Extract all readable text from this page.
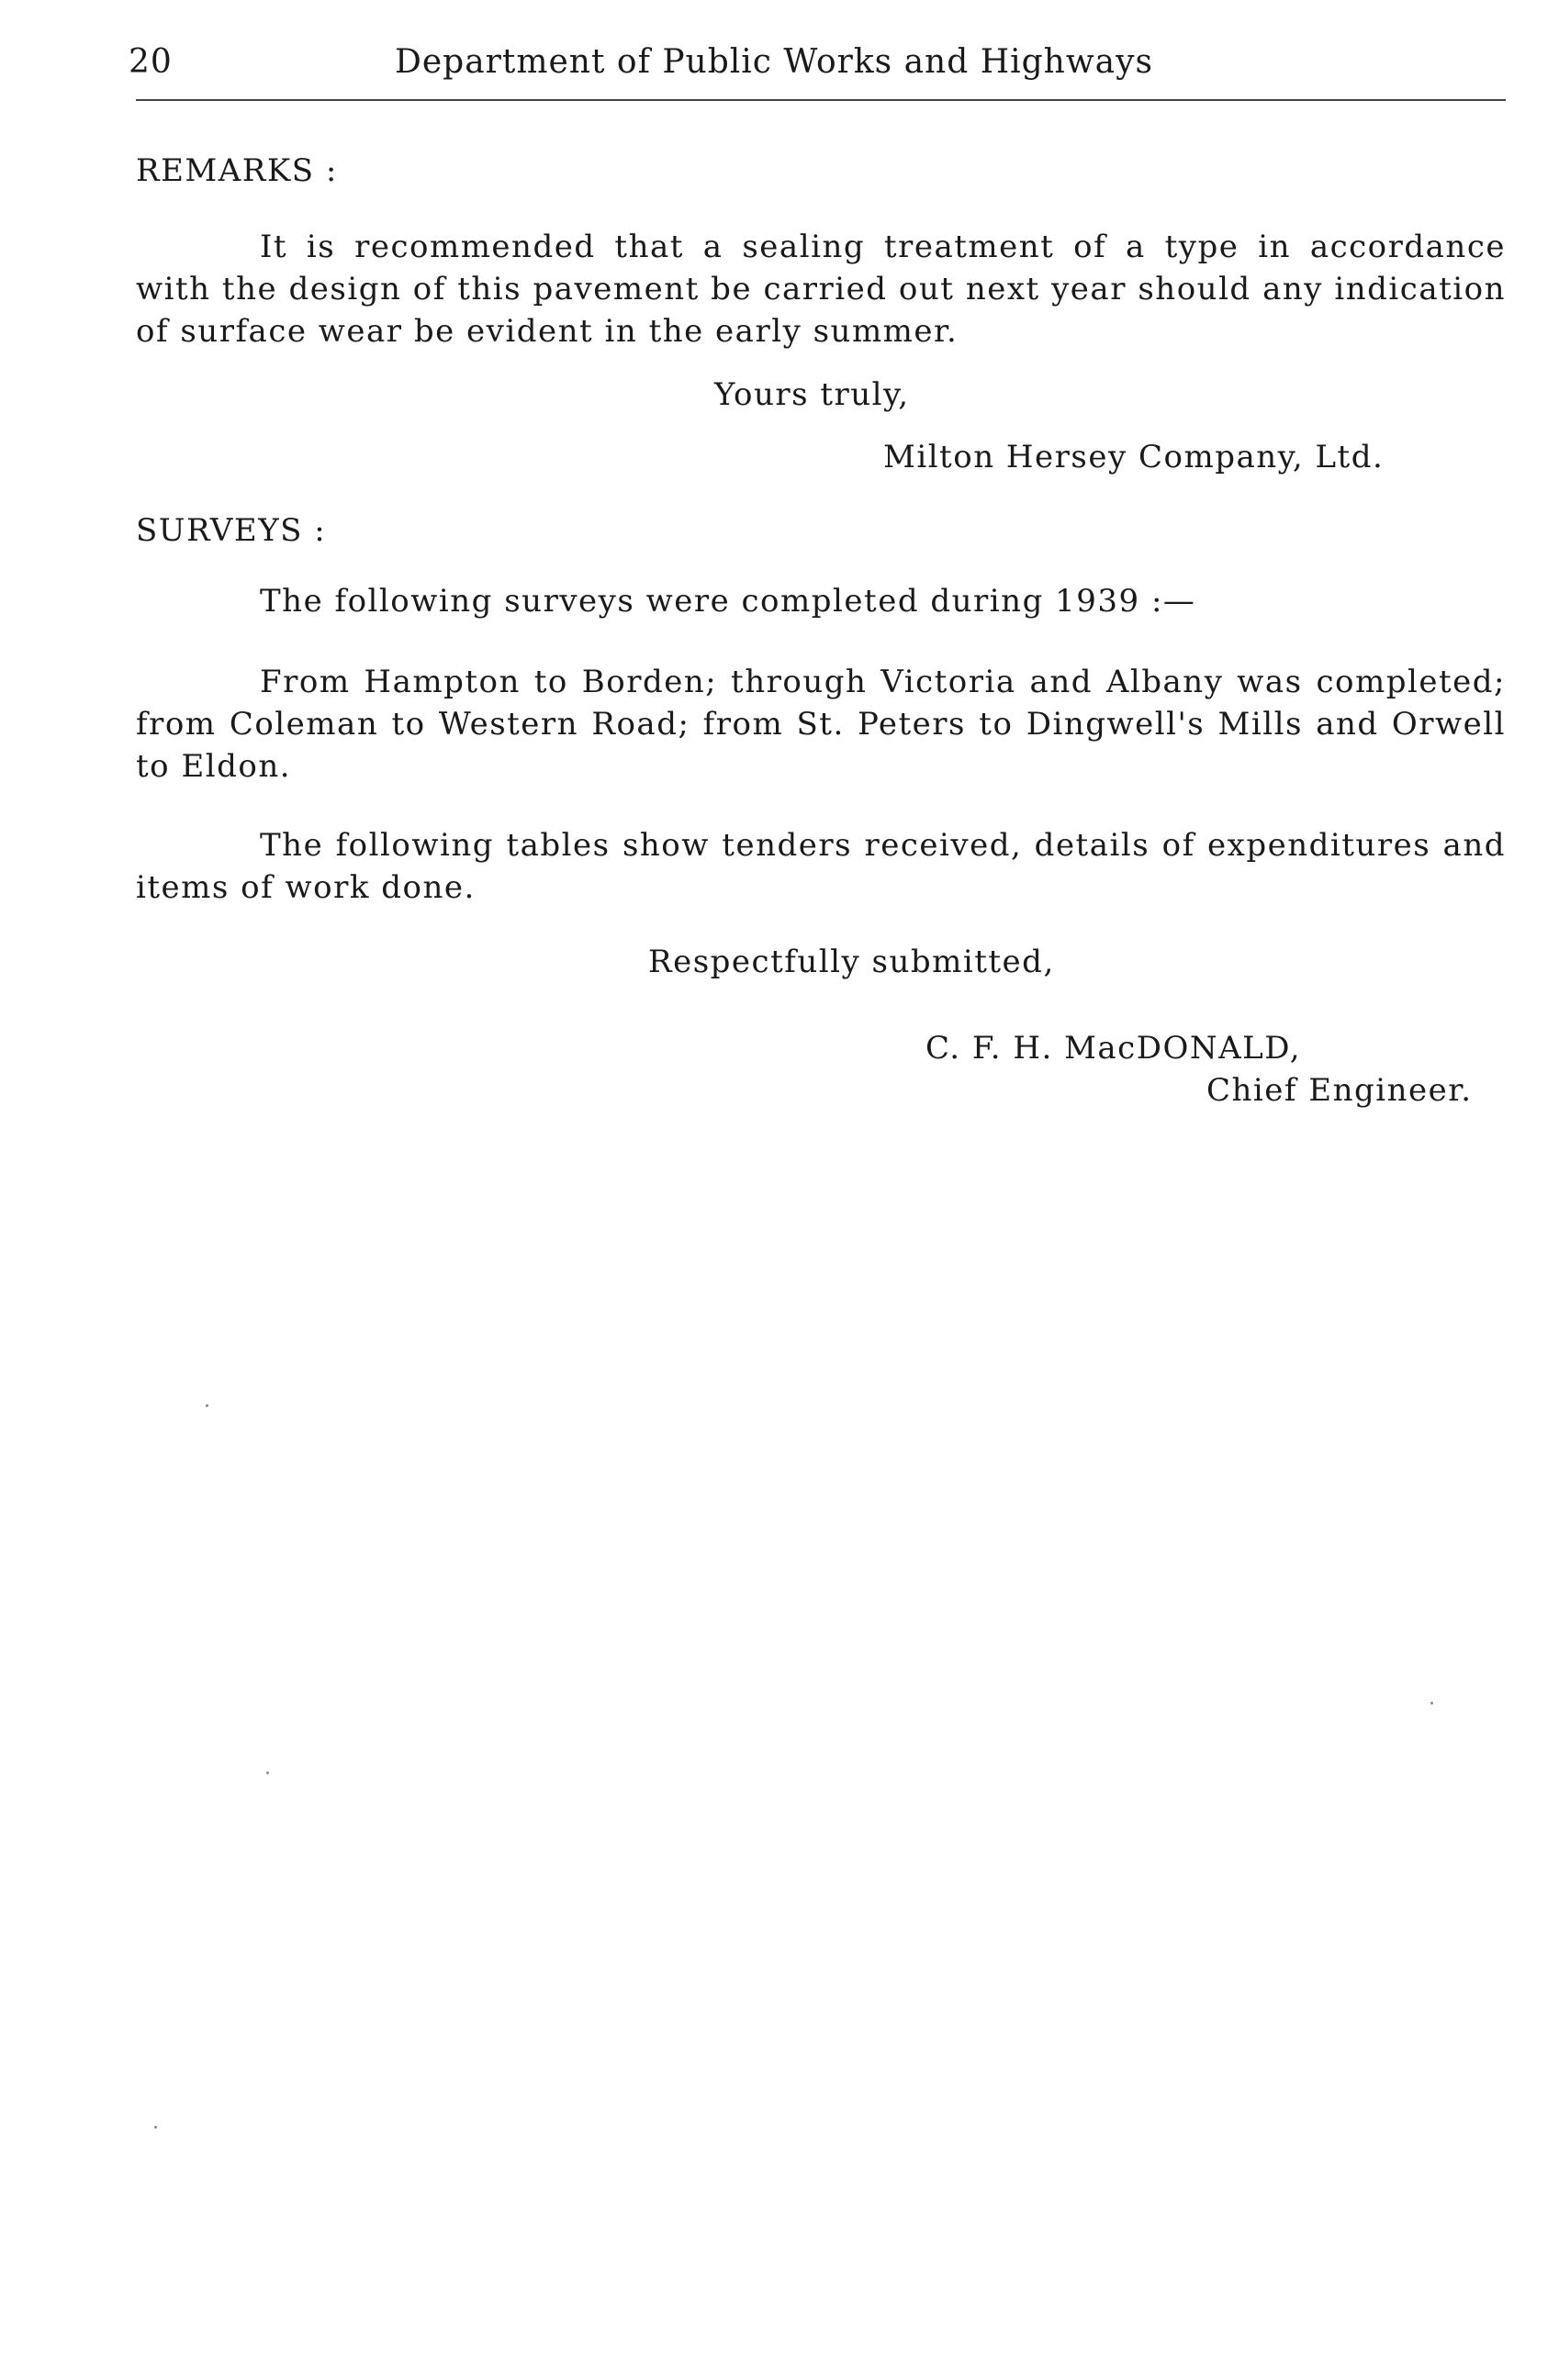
20	Department of Public Works and Highways
REMARKS :

It is recommended that a sealing treatment of a type in accordance with the design of this pavement be carried out next year should any indication of surface wear be evident in the early summer.

Yours truly,
Milton Hersey Company, Ltd.
SURVEYS :

The following surveys were completed during 1939 :—

From Hampton to Borden; through Victoria and Albany was completed; from Coleman to Western Road; from St. Peters to Dingwell's Mills and Orwell to Eldon.

The following tables show tenders received, details of expenditures and items of work done.

Respectfully submitted,
C. F. H. MacDONALD,
Chief Engineer.
